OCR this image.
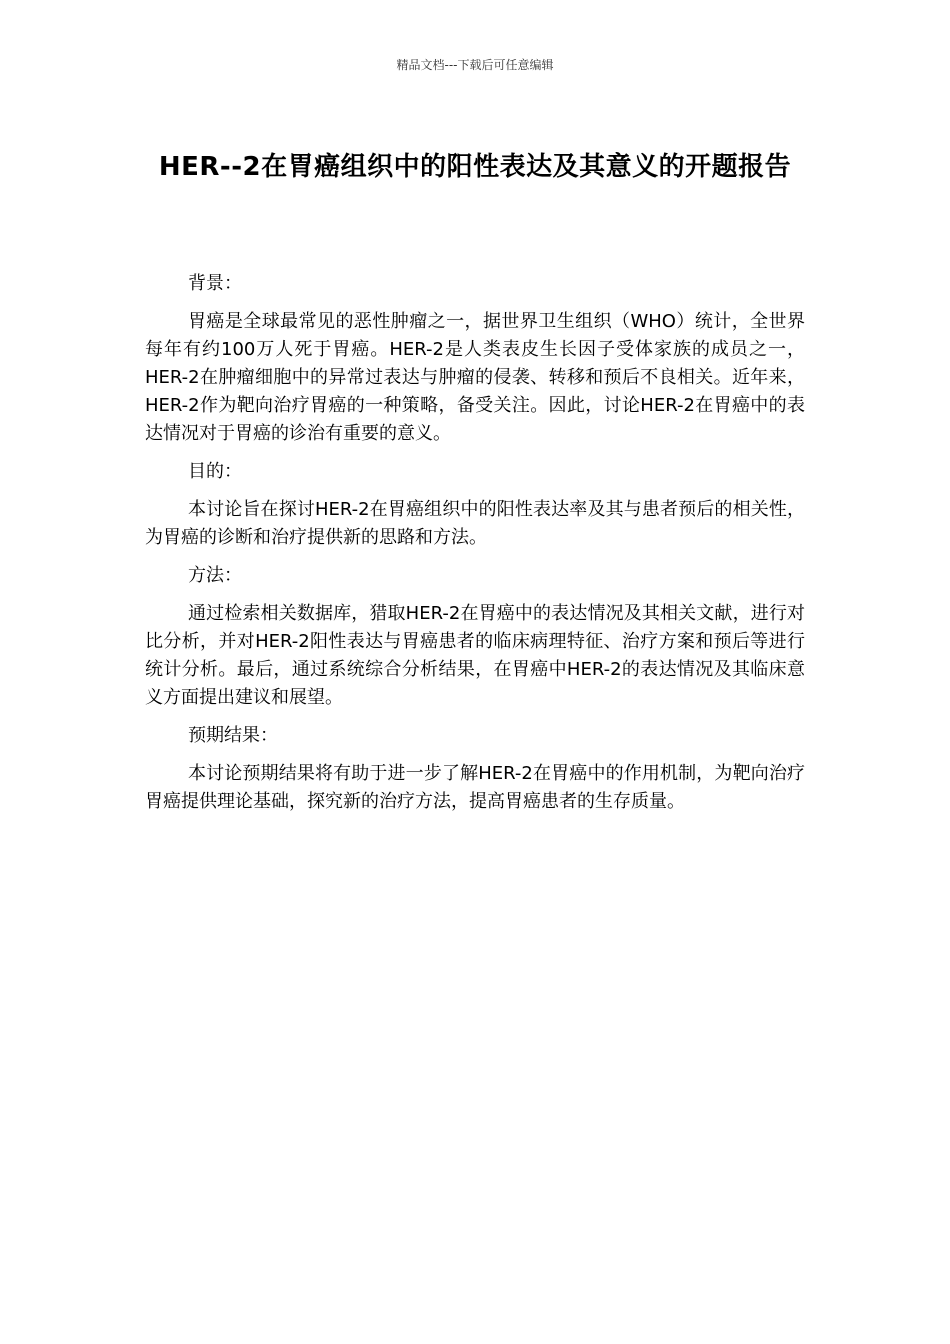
精品文档---下载后可任意编辑
HER--2在胃癌组织中的阳性表达及其意义的开题报告

背景：

胃癌是全球最常见的恶性肿瘤之一，据世界卫生组织（WHO）统计，全世界每年有约100万人死于胃癌。HER-2是人类表皮生长因子受体家族的成员之一，HER-2在肿瘤细胞中的异常过表达与肿瘤的侵袭、转移和预后不良相关。近年来，HER-2作为靶向治疗胃癌的一种策略，备受关注。因此，讨论HER-2在胃癌中的表达情况对于胃癌的诊治有重要的意义。

目的：

本讨论旨在探讨HER-2在胃癌组织中的阳性表达率及其与患者预后的相关性，为胃癌的诊断和治疗提供新的思路和方法。

方法：

通过检索相关数据库，猎取HER-2在胃癌中的表达情况及其相关文献，进行对比分析，并对HER-2阳性表达与胃癌患者的临床病理特征、治疗方案和预后等进行统计分析。最后，通过系统综合分析结果，在胃癌中HER-2的表达情况及其临床意义方面提出建议和展望。

预期结果：

本讨论预期结果将有助于进一步了解HER-2在胃癌中的作用机制，为靶向治疗胃癌提供理论基础，探究新的治疗方法，提高胃癌患者的生存质量。
